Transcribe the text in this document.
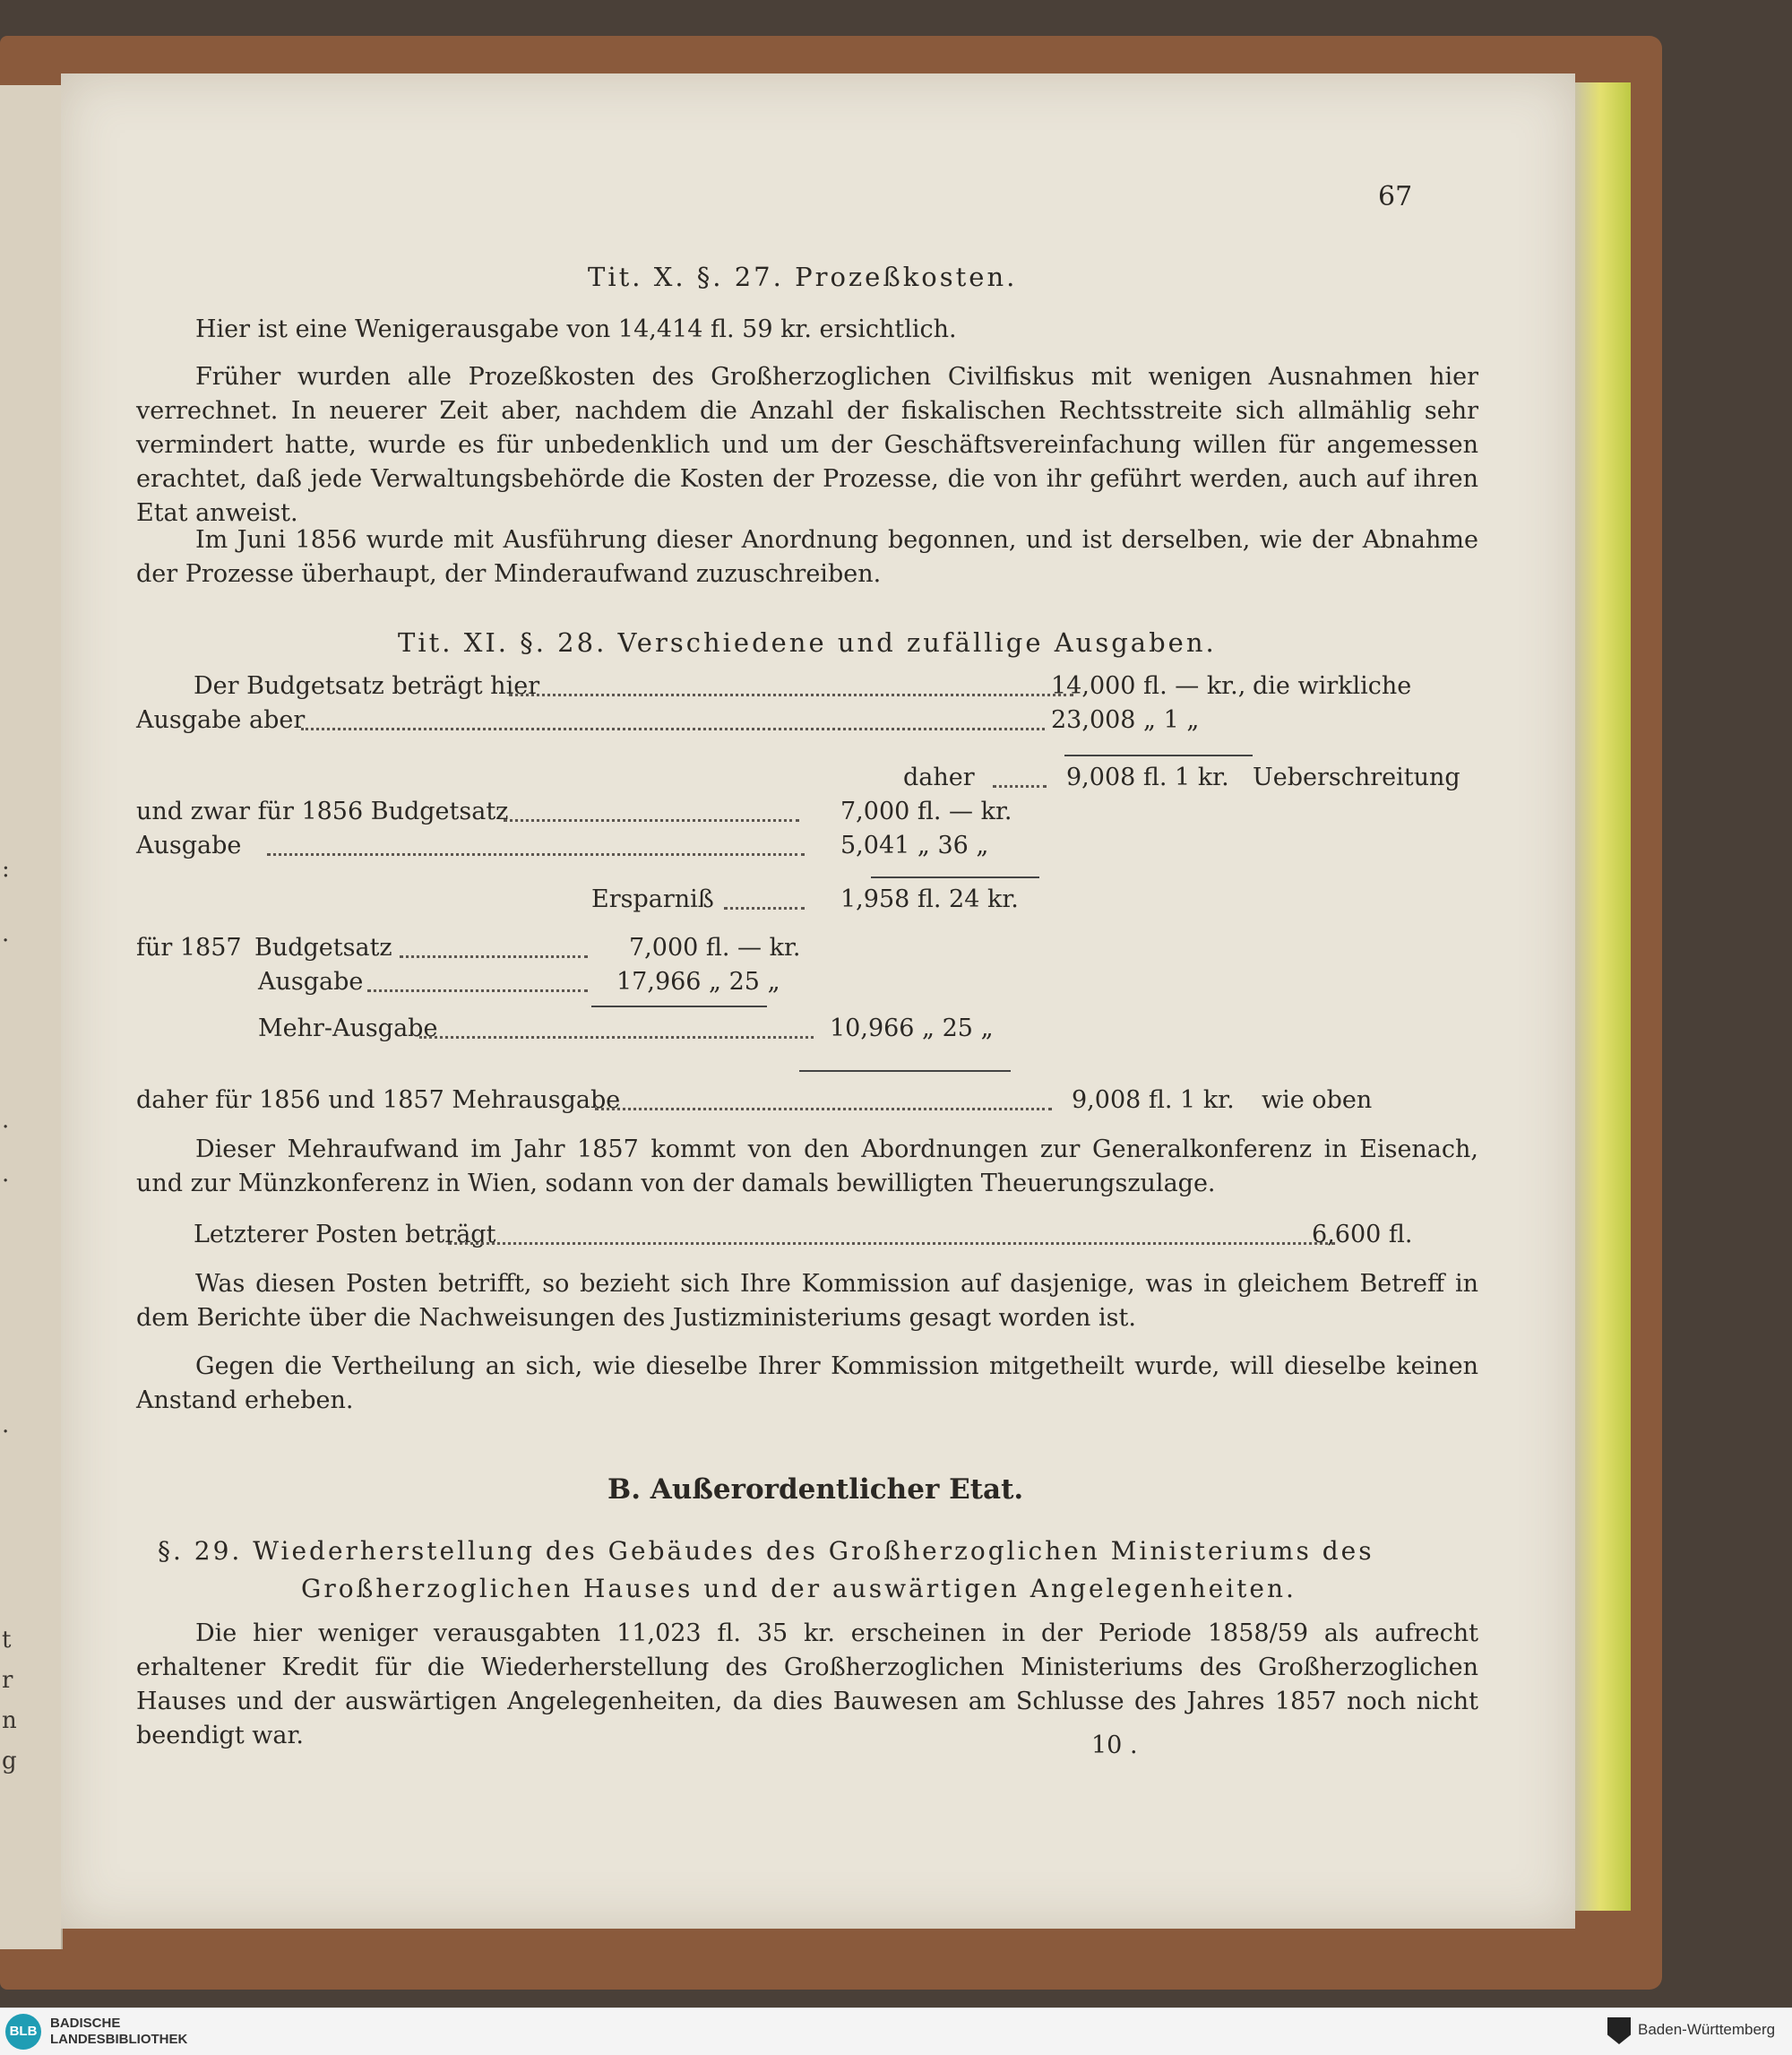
:
·
.
.
.
t
r
n
g
67
Tit. X. §. 27. Prozeßkosten.
Hier ist eine Wenigerausgabe von 14,414 fl. 59 kr. ersichtlich.
Früher wurden alle Prozeßkosten des Großherzoglichen Civilfiskus mit wenigen Ausnahmen hier verrechnet. In neuerer Zeit aber, nachdem die Anzahl der fiskalischen Rechtsstreite sich allmählig sehr vermindert hatte, wurde es für unbedenklich und um der Geschäftsvereinfachung willen für angemessen erachtet, daß jede Verwaltungsbehörde die Kosten der Prozesse, die von ihr geführt werden, auch auf ihren Etat anweist.
Im Juni 1856 wurde mit Ausführung dieser Anordnung begonnen, und ist derselben, wie der Abnahme der Prozesse überhaupt, der Minderaufwand zuzuschreiben.
Tit. XI. §. 28. Verschiedene und zufällige Ausgaben.
Der Budgetsatz beträgt hier	14,000 fl. — kr., die wirkliche
Ausgabe aber	23,008 „ 1 „
daher	9,008 fl. 1 kr. Ueberschreitung
und zwar für 1856 Budgetsatz	7,000 fl. — kr.
Ausgabe	5,041 „ 36 „
Ersparniß	1,958 fl. 24 kr.
für 1857 Budgetsatz	7,000 fl. — kr.
Ausgabe	17,966 „ 25 „
Mehr-Ausgabe	10,966 „ 25 „
daher für 1856 und 1857 Mehrausgabe	9,008 fl. 1 kr. wie oben
Dieser Mehraufwand im Jahr 1857 kommt von den Abordnungen zur Generalkonferenz in Eisenach, und zur Münzkonferenz in Wien, sodann von der damals bewilligten Theuerungszulage.
Letzterer Posten beträgt	6,600 fl.
Was diesen Posten betrifft, so bezieht sich Ihre Kommission auf dasjenige, was in gleichem Betreff in dem Berichte über die Nachweisungen des Justizministeriums gesagt worden ist.
Gegen die Vertheilung an sich, wie dieselbe Ihrer Kommission mitgetheilt wurde, will dieselbe keinen Anstand erheben.
B. Außerordentlicher Etat.
§. 29. Wiederherstellung des Gebäudes des Großherzoglichen Ministeriums des
Großherzoglichen Hauses und der auswärtigen Angelegenheiten.
Die hier weniger verausgabten 11,023 fl. 35 kr. erscheinen in der Periode 1858/59 als aufrecht erhaltener Kredit für die Wiederherstellung des Großherzoglichen Ministeriums des Großherzoglichen Hauses und der auswärtigen Angelegenheiten, da dies Bauwesen am Schlusse des Jahres 1857 noch nicht beendigt war.	10 .
BLB
BADISCHE
LANDESBIBLIOTHEK
Baden-Württemberg
